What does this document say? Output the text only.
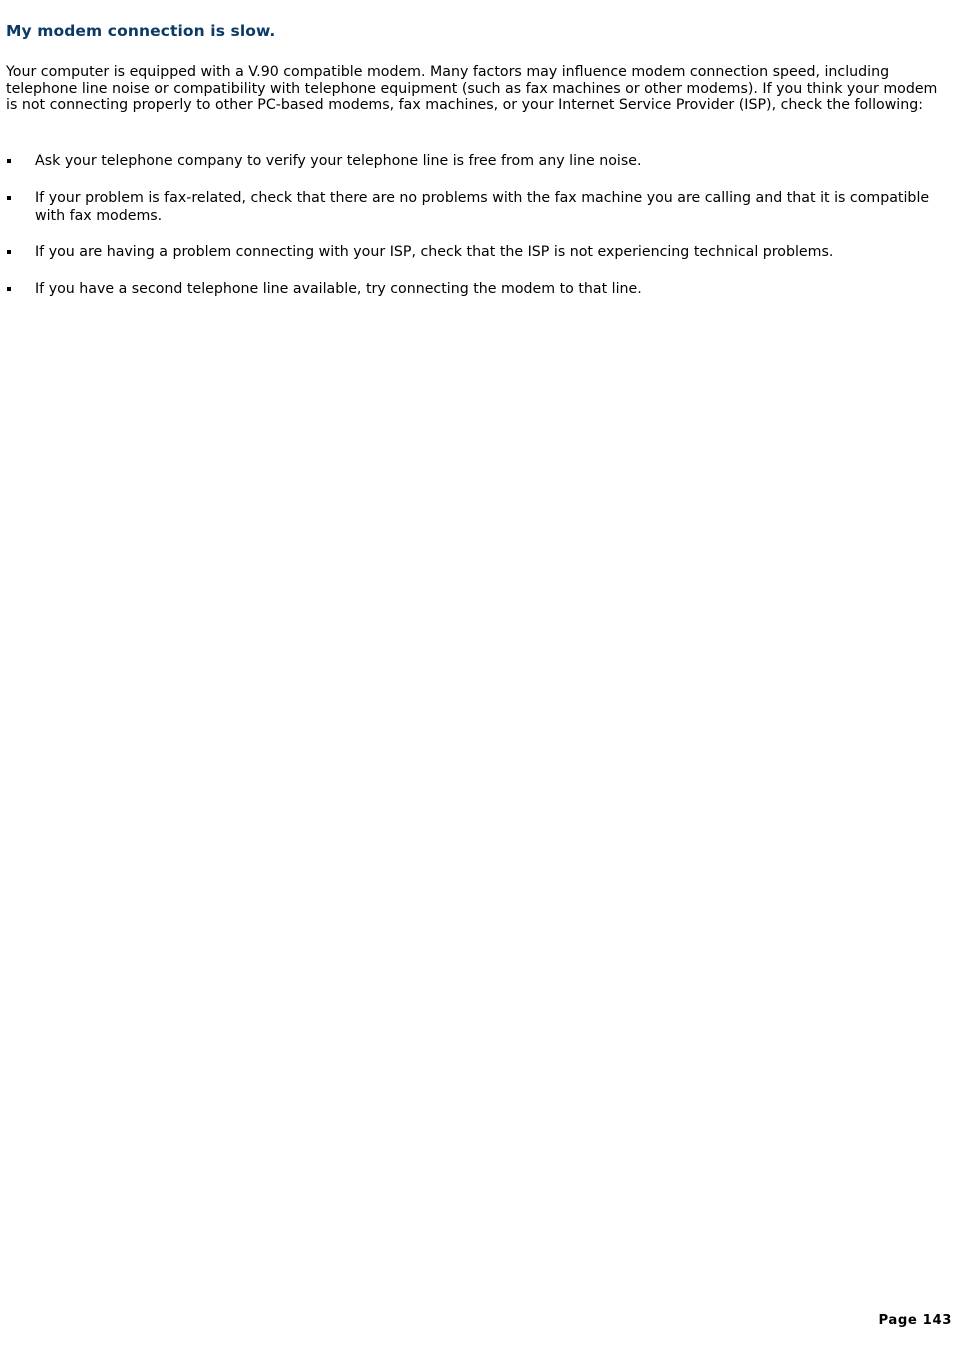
My modem connection is slow.

Your computer is equipped with a V.90 compatible modem. Many factors may influence modem connection speed, including telephone line noise or compatibility with telephone equipment (such as fax machines or other modems). If you think your modem is not connecting properly to other PC-based modems, fax machines, or your Internet Service Provider (ISP), check the following:

Ask your telephone company to verify your telephone line is free from any line noise.
If your problem is fax-related, check that there are no problems with the fax machine you are calling and that it is compatible with fax modems.
If you are having a problem connecting with your ISP, check that the ISP is not experiencing technical problems.
If you have a second telephone line available, try connecting the modem to that line.
Page 143
